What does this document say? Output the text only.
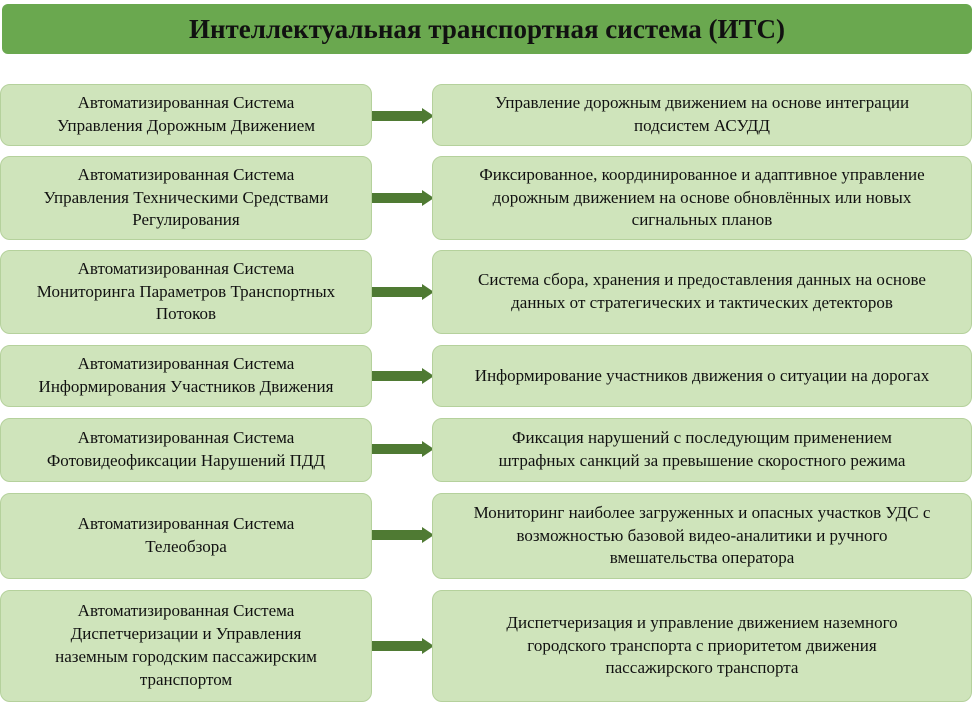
Интеллектуальная транспортная система (ИТС)
Автоматизированная Система
Управления Дорожным Движением
Управление дорожным движением на основе интеграции
подсистем АСУДД
Автоматизированная Система
Управления Техническими Средствами
Регулирования
Фиксированное, координированное и адаптивное управление
дорожным движением на основе обновлённых или новых
сигнальных планов
Автоматизированная Система
Мониторинга Параметров Транспортных
Потоков
Система сбора, хранения и предоставления данных на основе
данных от стратегических и тактических детекторов
Автоматизированная Система
Информирования Участников Движения
Информирование участников движения о ситуации на дорогах
Автоматизированная Система
Фотовидеофиксации Нарушений ПДД
Фиксация нарушений с последующим применением
штрафных санкций за превышение скоростного режима
Автоматизированная Система
Телеобзора
Мониторинг наиболее загруженных и опасных участков УДС с
возможностью базовой видео-аналитики и ручного
вмешательства оператора
Автоматизированная Система
Диспетчеризации и Управления
наземным городским пассажирским
транспортом
Диспетчеризация и управление движением наземного
городского транспорта с приоритетом движения
пассажирского транспорта
